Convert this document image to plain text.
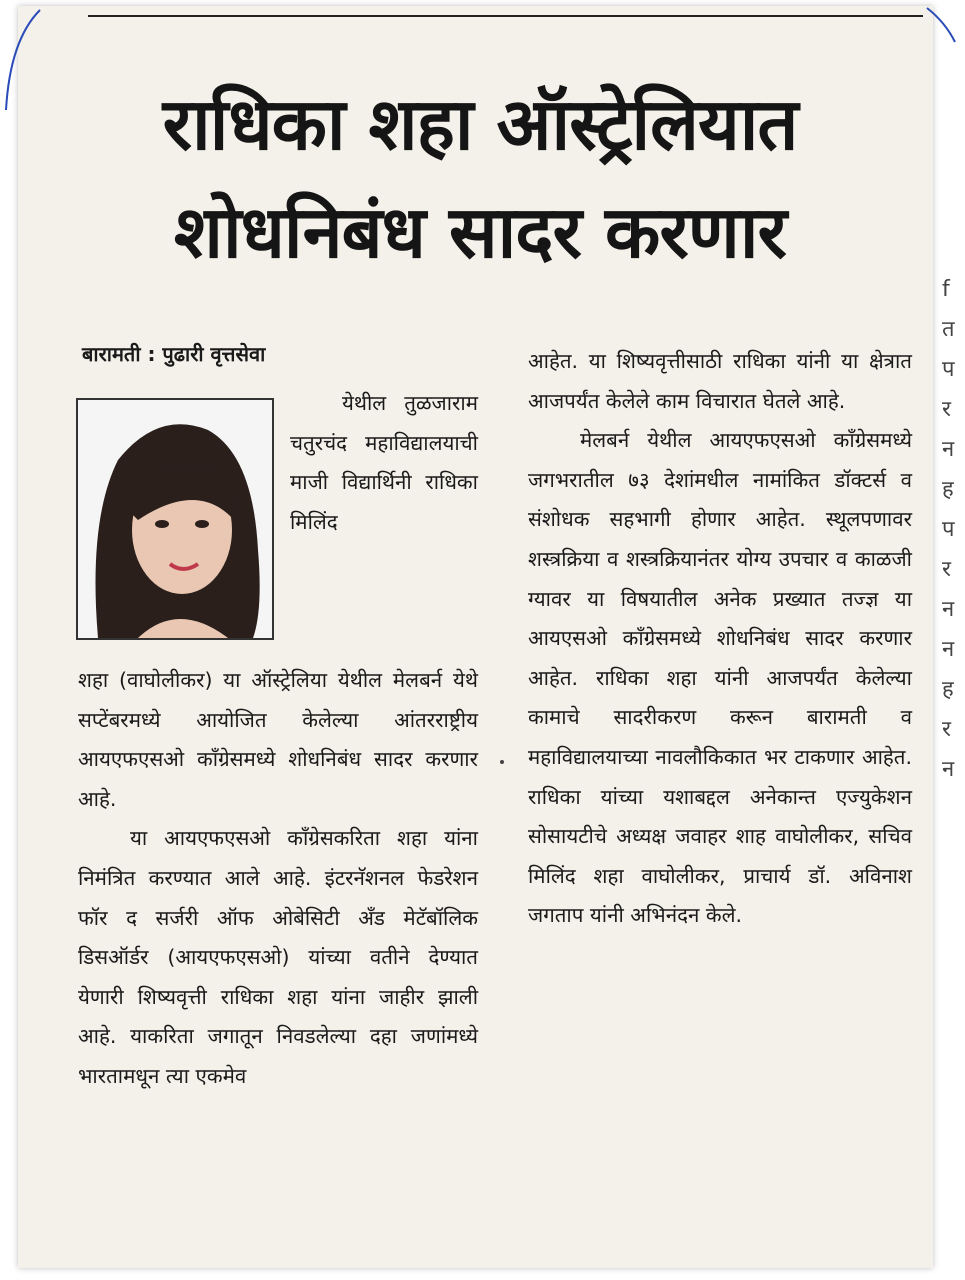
राधिका शहा ऑस्ट्रेलियात
शोधनिबंध सादर करणार
बारामती : पुढारी वृत्तसेवा

येथील तुळजाराम चतुरचंद महाविद्यालयाची माजी विद्यार्थिनी राधिका मिलिंद

शहा (वाघोलीकर) या ऑस्ट्रेलिया येथील मेलबर्न येथे सप्टेंबरमध्ये आयोजित केलेल्या आंतरराष्ट्रीय आयएफएसओ काँग्रेसमध्ये शोधनिबंध सादर करणार आहे.

या आयएफएसओ काँग्रेसकरिता शहा यांना निमंत्रित करण्यात आले आहे. इंटरनॅशनल फेडरेशन फॉर द सर्जरी ऑफ ओबेसिटी अँड मेटॅबॉलिक डिसऑर्डर (आयएफएसओ) यांच्या वतीने देण्यात येणारी शिष्यवृत्ती राधिका शहा यांना जाहीर झाली आहे. याकरिता जगातून निवडलेल्या दहा जणांमध्ये भारतामधून त्या एकमेव

आहेत. या शिष्यवृत्तीसाठी राधिका यांनी या क्षेत्रात आजपर्यंत केलेले काम विचारात घेतले आहे.

मेलबर्न येथील आयएफएसओ काँग्रेसमध्ये जगभरातील ७३ देशांमधील नामांकित डॉक्टर्स व संशोधक सहभागी होणार आहेत. स्थूलपणावर शस्त्रक्रिया व शस्त्रक्रियानंतर योग्य उपचार व काळजी ग्यावर या विषयातील अनेक प्रख्यात तज्ज्ञ या आयएसओ काँग्रेसमध्ये शोधनिबंध सादर करणार आहेत. राधिका शहा यांनी आजपर्यंत केलेल्या कामाचे सादरीकरण करून बारामती व महाविद्यालयाच्या नावलौकिकात भर टाकणार आहेत. राधिका यांच्या यशाबद्दल अनेकान्त एज्युकेशन सोसायटीचे अध्यक्ष जवाहर शाह वाघोलीकर, सचिव मिलिंद शहा वाघोलीकर, प्राचार्य डॉ. अविनाश जगताप यांनी अभिनंदन केले.

f त प र न ह प र न न ह र न
